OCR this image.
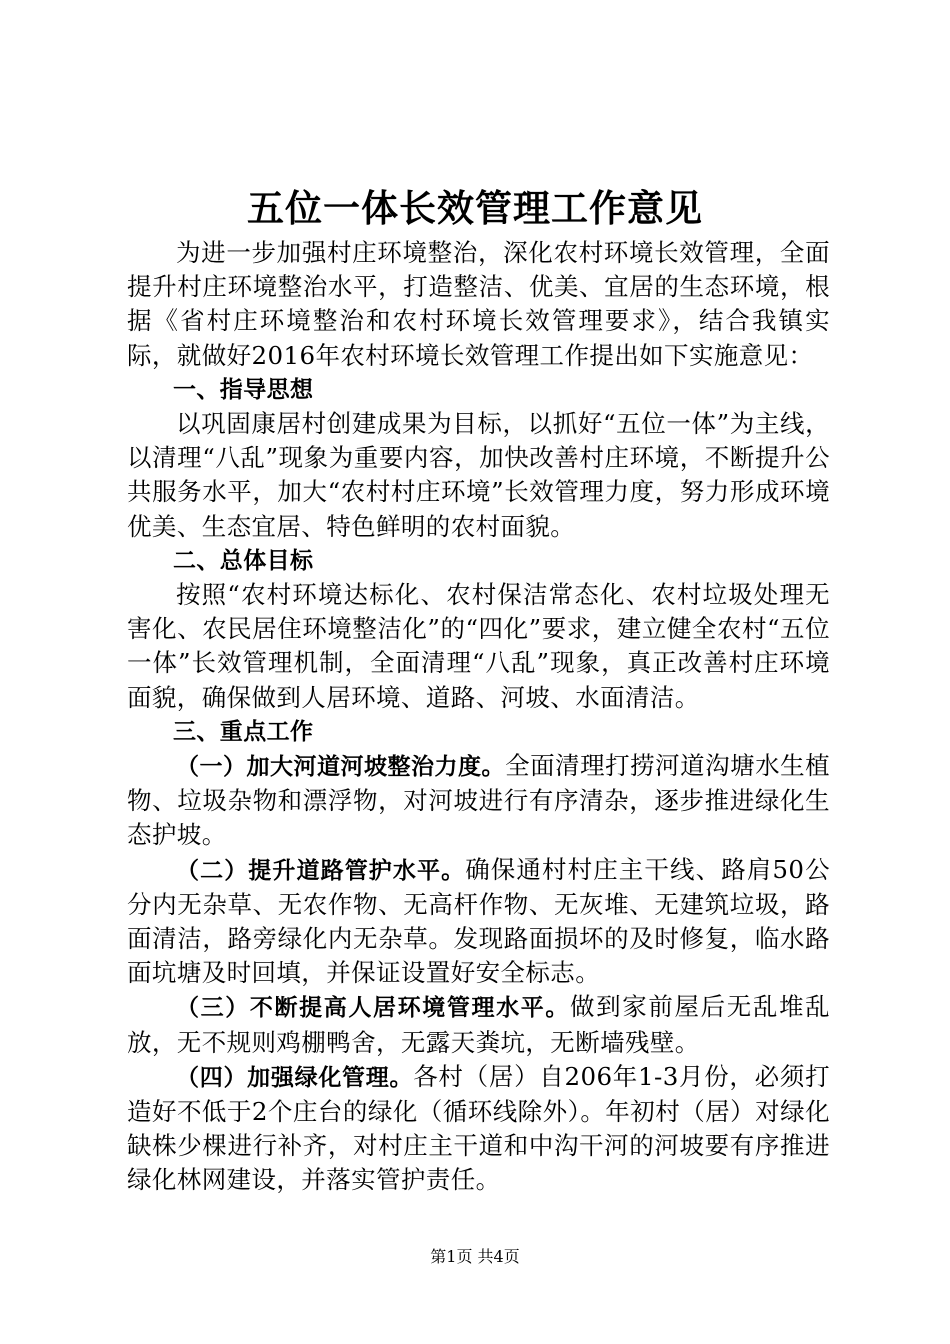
五位一体长效管理工作意见

为进一步加强村庄环境整治，深化农村环境长效管理，全面提升村庄环境整治水平，打造整洁、优美、宜居的生态环境，根据《省村庄环境整治和农村环境长效管理要求》，结合我镇实际，就做好2016年农村环境长效管理工作提出如下实施意见：

一、指导思想

以巩固康居村创建成果为目标，以抓好“五位一体”为主线，以清理“八乱”现象为重要内容，加快改善村庄环境，不断提升公共服务水平，加大“农村村庄环境”长效管理力度，努力形成环境优美、生态宜居、特色鲜明的农村面貌。

二、总体目标

按照“农村环境达标化、农村保洁常态化、农村垃圾处理无害化、农民居住环境整洁化”的“四化”要求，建立健全农村“五位一体”长效管理机制，全面清理“八乱”现象，真正改善村庄环境面貌，确保做到人居环境、道路、河坡、水面清洁。

三、重点工作

（一）加大河道河坡整治力度。全面清理打捞河道沟塘水生植物、垃圾杂物和漂浮物，对河坡进行有序清杂，逐步推进绿化生态护坡。

（二）提升道路管护水平。确保通村村庄主干线、路肩50公分内无杂草、无农作物、无高杆作物、无灰堆、无建筑垃圾，路面清洁，路旁绿化内无杂草。发现路面损坏的及时修复，临水路面坑塘及时回填，并保证设置好安全标志。

（三）不断提高人居环境管理水平。做到家前屋后无乱堆乱放，无不规则鸡棚鸭舍，无露天粪坑，无断墙残壁。

（四）加强绿化管理。各村（居）自206年1-3月份，必须打造好不低于2个庄台的绿化（循环线除外）。年初村（居）对绿化缺株少棵进行补齐，对村庄主干道和中沟干河的河坡要有序推进绿化林网建设，并落实管护责任。

第1页 共4页
